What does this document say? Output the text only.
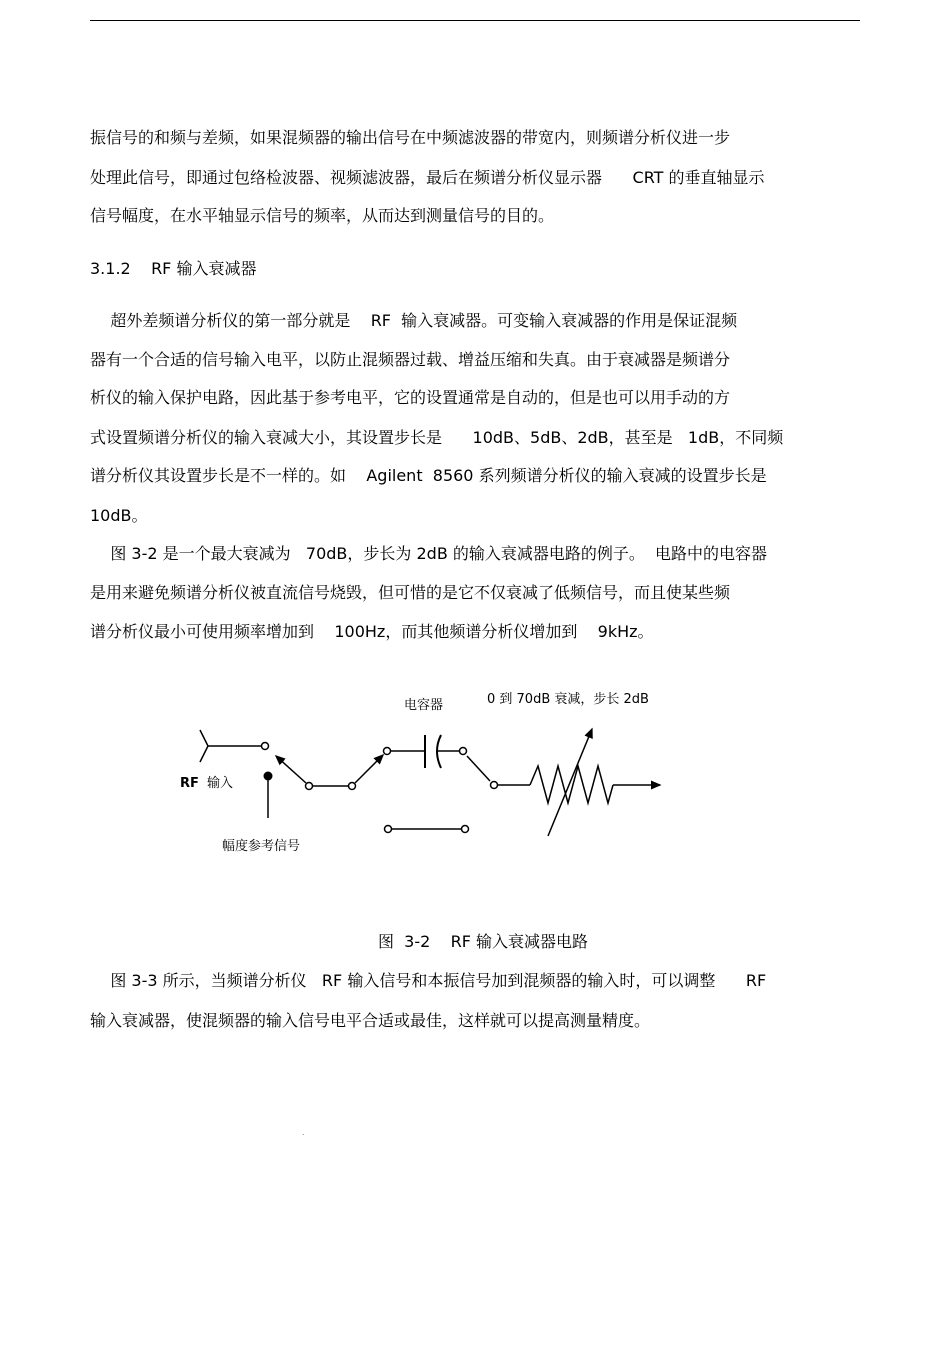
振信号的和频与差频，如果混频器的输出信号在中频滤波器的带宽内，则频谱分析仪进一步
处理此信号，即通过包络检波器、视频滤波器，最后在频谱分析仪显示器      CRT 的垂直轴显示
信号幅度，在水平轴显示信号的频率，从而达到测量信号的目的。
3.1.2 RF 输入衰减器
超外差频谱分析仪的第一部分就是    RF  输入衰减器。可变输入衰减器的作用是保证混频
器有一个合适的信号输入电平，以防止混频器过载、增益压缩和失真。由于衰减器是频谱分
析仪的输入保护电路，因此基于参考电平，它的设置通常是自动的，但是也可以用手动的方
式设置频谱分析仪的输入衰减大小，其设置步长是      10dB、5dB、2dB，甚至是   1dB，不同频
谱分析仪其设置步长是不一样的。如    Agilent  8560 系列频谱分析仪的输入衰减的设置步长是
10dB。
图 3-2 是一个最大衰减为   70dB，步长为 2dB 的输入衰减器电路的例子。  电路中的电容器
是用来避免频谱分析仪被直流信号烧毁，但可惜的是它不仅衰减了低频信号，而且使某些频
谱分析仪最小可使用频率增加到    100Hz，而其他频谱分析仪增加到    9kHz。
电容器	0 到 70dB 衰减，步长 2dB
RF 输入
幅度参考信号
图  3-2    RF 输入衰减器电路
图 3-3 所示，当频谱分析仪   RF 输入信号和本振信号加到混频器的输入时，可以调整      RF
输入衰减器，使混频器的输入信号电平合适或最佳，这样就可以提高测量精度。
.
